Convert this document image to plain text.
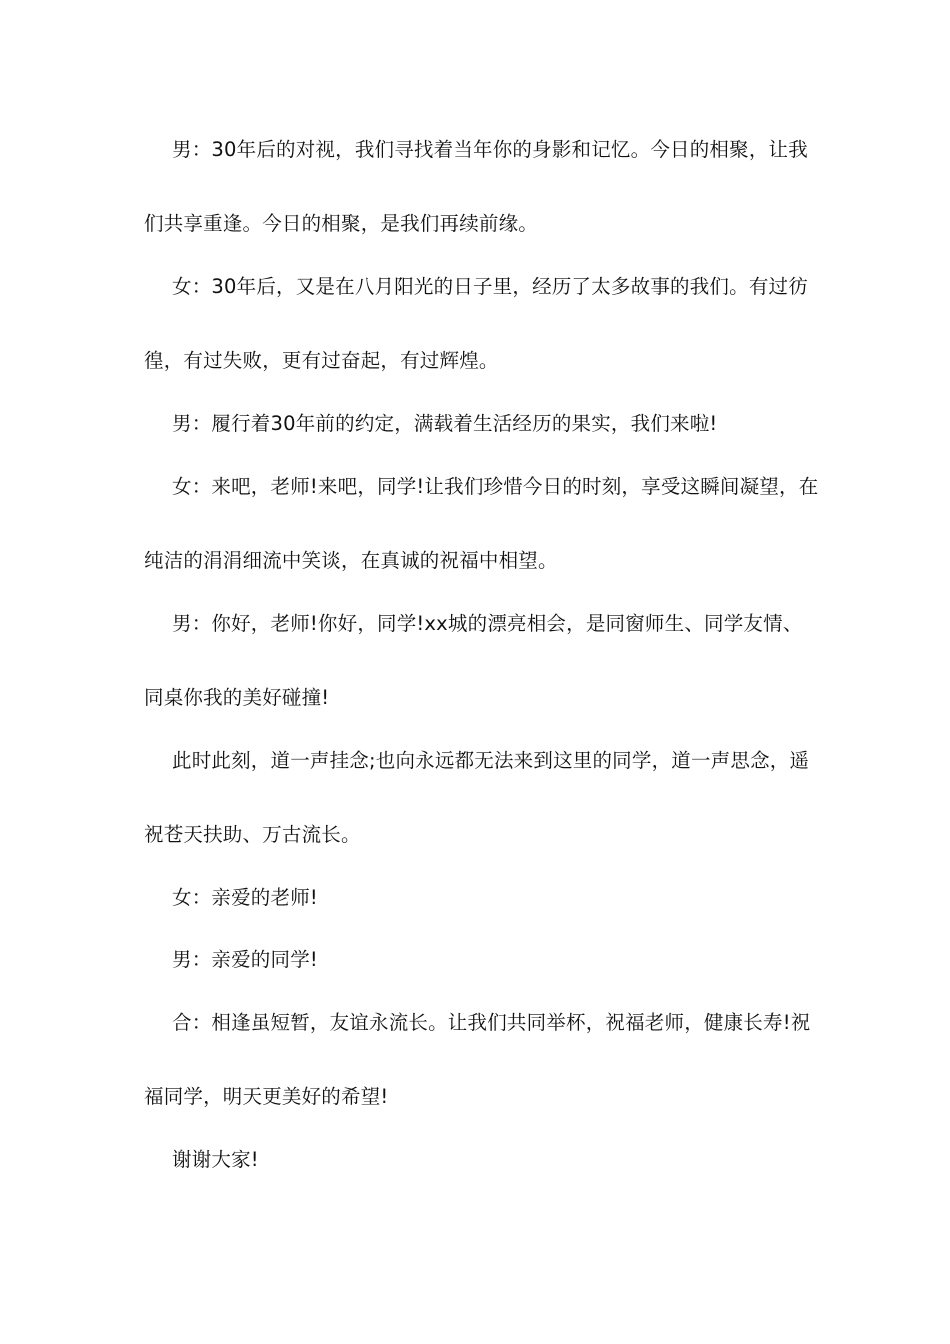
男：30年后的对视，我们寻找着当年你的身影和记忆。今日的相聚，让我

们共享重逢。今日的相聚，是我们再续前缘。

女：30年后，又是在八月阳光的日子里，经历了太多故事的我们。有过彷

徨，有过失败，更有过奋起，有过辉煌。

男：履行着30年前的约定，满载着生活经历的果实，我们来啦!

女：来吧，老师!来吧，同学!让我们珍惜今日的时刻，享受这瞬间凝望，在

纯洁的涓涓细流中笑谈，在真诚的祝福中相望。

男：你好，老师!你好，同学!xx城的漂亮相会，是同窗师生、同学友情、

同桌你我的美好碰撞!

此时此刻，道一声挂念;也向永远都无法来到这里的同学，道一声思念，遥

祝苍天扶助、万古流长。

女：亲爱的老师!

男：亲爱的同学!

合：相逢虽短暂，友谊永流长。让我们共同举杯，祝福老师，健康长寿!祝

福同学，明天更美好的希望!

谢谢大家!
